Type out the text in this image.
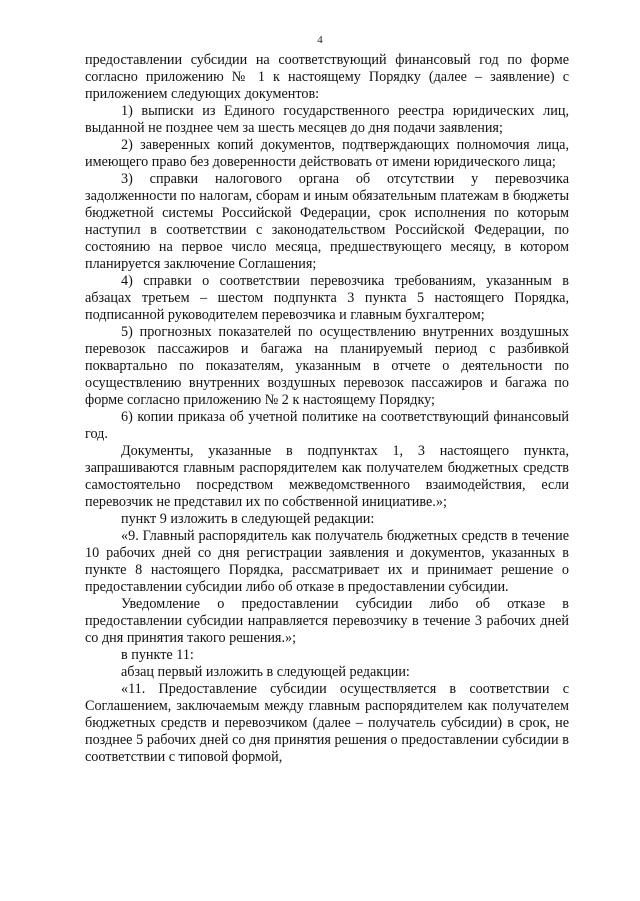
4

предоставлении субсидии на соответствующий финансовый год по форме согласно приложению № 1 к настоящему Порядку (далее – заявление) с приложением следующих документов:

1) выписки из Единого государственного реестра юридических лиц, выданной не позднее чем за шесть месяцев до дня подачи заявления;

2) заверенных копий документов, подтверждающих полномочия лица, имеющего право без доверенности действовать от имени юридического лица;

3) справки налогового органа об отсутствии у перевозчика задолженности по налогам, сборам и иным обязательным платежам в бюджеты бюджетной системы Российской Федерации, срок исполнения по которым наступил в соответствии с законодательством Российской Федерации, по состоянию на первое число месяца, предшествующего месяцу, в котором планируется заключение Соглашения;

4) справки о соответствии перевозчика требованиям, указанным в абзацах третьем – шестом подпункта 3 пункта 5 настоящего Порядка, подписанной руководителем перевозчика и главным бухгалтером;

5) прогнозных показателей по осуществлению внутренних воздушных перевозок пассажиров и багажа на планируемый период с разбивкой поквартально по показателям, указанным в отчете о деятельности по осуществлению внутренних воздушных перевозок пассажиров и багажа по форме согласно приложению № 2 к настоящему Порядку;

6) копии приказа об учетной политике на соответствующий финансовый год.

Документы, указанные в подпунктах 1, 3 настоящего пункта, запрашиваются главным распорядителем как получателем бюджетных средств самостоятельно посредством межведомственного взаимодействия, если перевозчик не представил их по собственной инициативе.»;

пункт 9 изложить в следующей редакции:

«9. Главный распорядитель как получатель бюджетных средств в течение 10 рабочих дней со дня регистрации заявления и документов, указанных в пункте 8 настоящего Порядка, рассматривает их и принимает решение о предоставлении субсидии либо об отказе в предоставлении субсидии.

Уведомление о предоставлении субсидии либо об отказе в предоставлении субсидии направляется перевозчику в течение 3 рабочих дней со дня принятия такого решения.»;

в пункте 11:

абзац первый изложить в следующей редакции:

«11. Предоставление субсидии осуществляется в соответствии с Соглашением, заключаемым между главным распорядителем как получателем бюджетных средств и перевозчиком (далее – получатель субсидии) в срок, не позднее 5 рабочих дней со дня принятия решения о предоставлении субсидии в соответствии с типовой формой,
